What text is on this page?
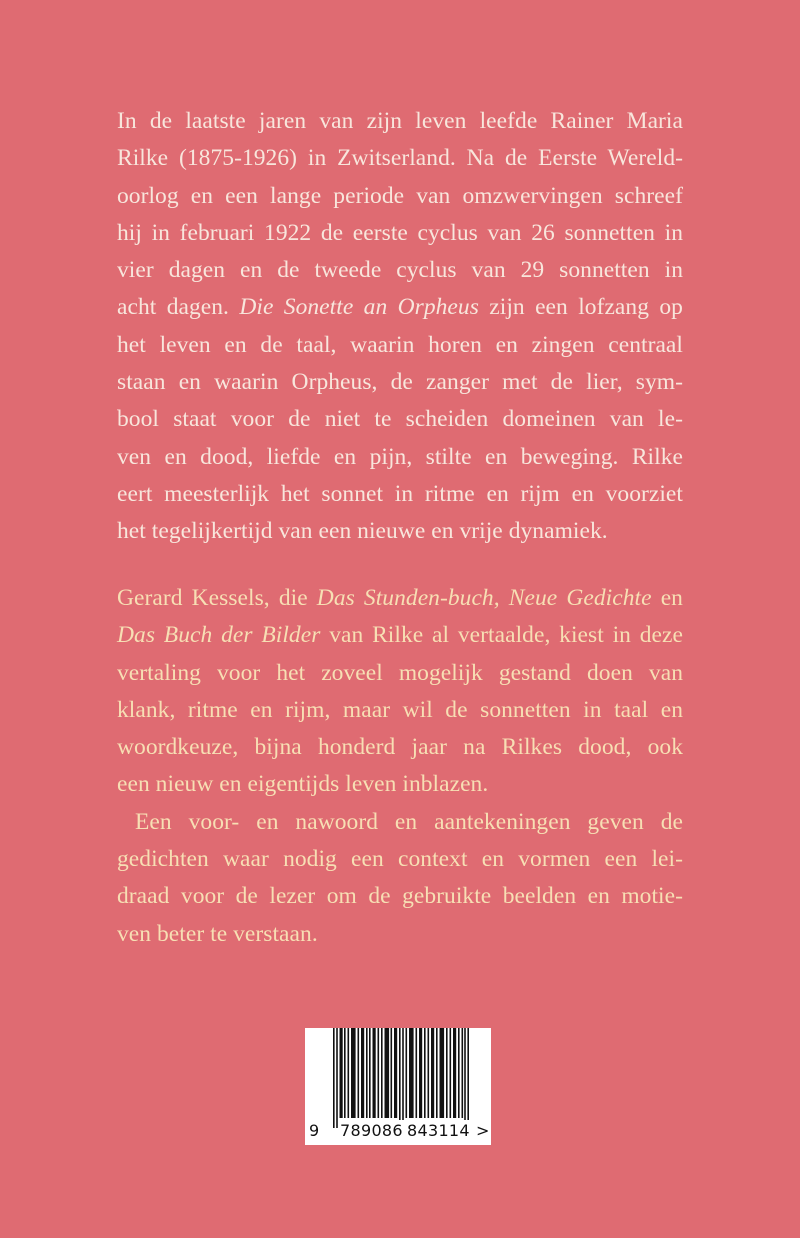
In de laatste jaren van zijn leven leefde Rainer Maria
Rilke (1875-1926) in Zwitserland. Na de Eerste Wereld-
oorlog en een lange periode van omzwervingen schreef
hij in februari 1922 de eerste cyclus van 26 sonnetten in
vier dagen en de tweede cyclus van 29 sonnetten in
acht dagen. Die Sonette an Orpheus zijn een lofzang op
het leven en de taal, waarin horen en zingen centraal
staan en waarin Orpheus, de zanger met de lier, sym-
bool staat voor de niet te scheiden domeinen van le-
ven en dood, liefde en pijn, stilte en beweging. Rilke
eert meesterlijk het sonnet in ritme en rijm en voorziet
het tegelijkertijd van een nieuwe en vrije dynamiek.
Gerard Kessels, die Das Stunden-buch, Neue Gedichte en
Das Buch der Bilder van Rilke al vertaalde, kiest in deze
vertaling voor het zoveel mogelijk gestand doen van
klank, ritme en rijm, maar wil de sonnetten in taal en
woordkeuze, bijna honderd jaar na Rilkes dood, ook
een nieuw en eigentijds leven inblazen.
Een voor- en nawoord en aantekeningen geven de
gedichten waar nodig een context en vormen een lei-
draad voor de lezer om de gebruikte beelden en motie-
ven beter te verstaan.
9 789086 843114 >
